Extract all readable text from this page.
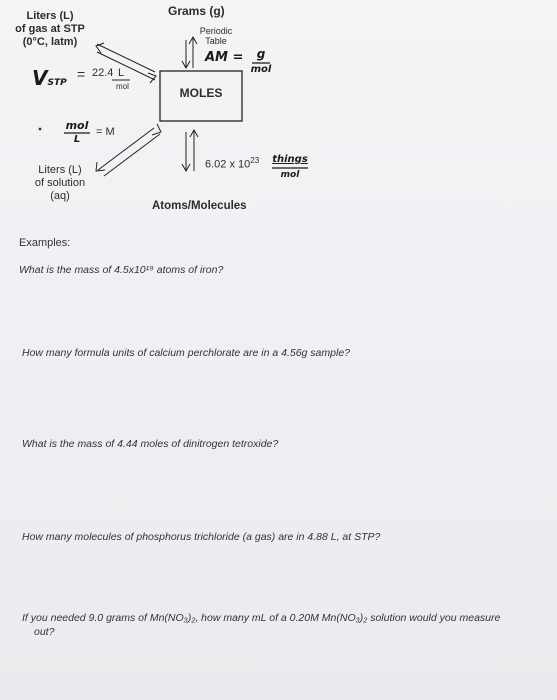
Grams (g)
Periodic
Table
AM =	g
mol
MOLES
Liters (L)
of gas at STP
(0°C, latm)
VSTP
= 22.4 L
mol
mol
L
= M
Liters (L)
of solution
(aq)
6.02 x $10^{23}$	things
mol
Atoms/Molecules
Examples:
What is the mass of 4.5x10¹⁹ atoms of iron?
How many formula units of calcium perchlorate are in a 4.56g sample?
What is the mass of 4.44 moles of dinitrogen tetroxide?
How many molecules of phosphorus trichloride (a gas) are in 4.88 L, at STP?
If you needed 9.0 grams of Mn(NO₃)₂, how many mL of a 0.20M Mn(NO₃)₂ solution would you measure
out?
